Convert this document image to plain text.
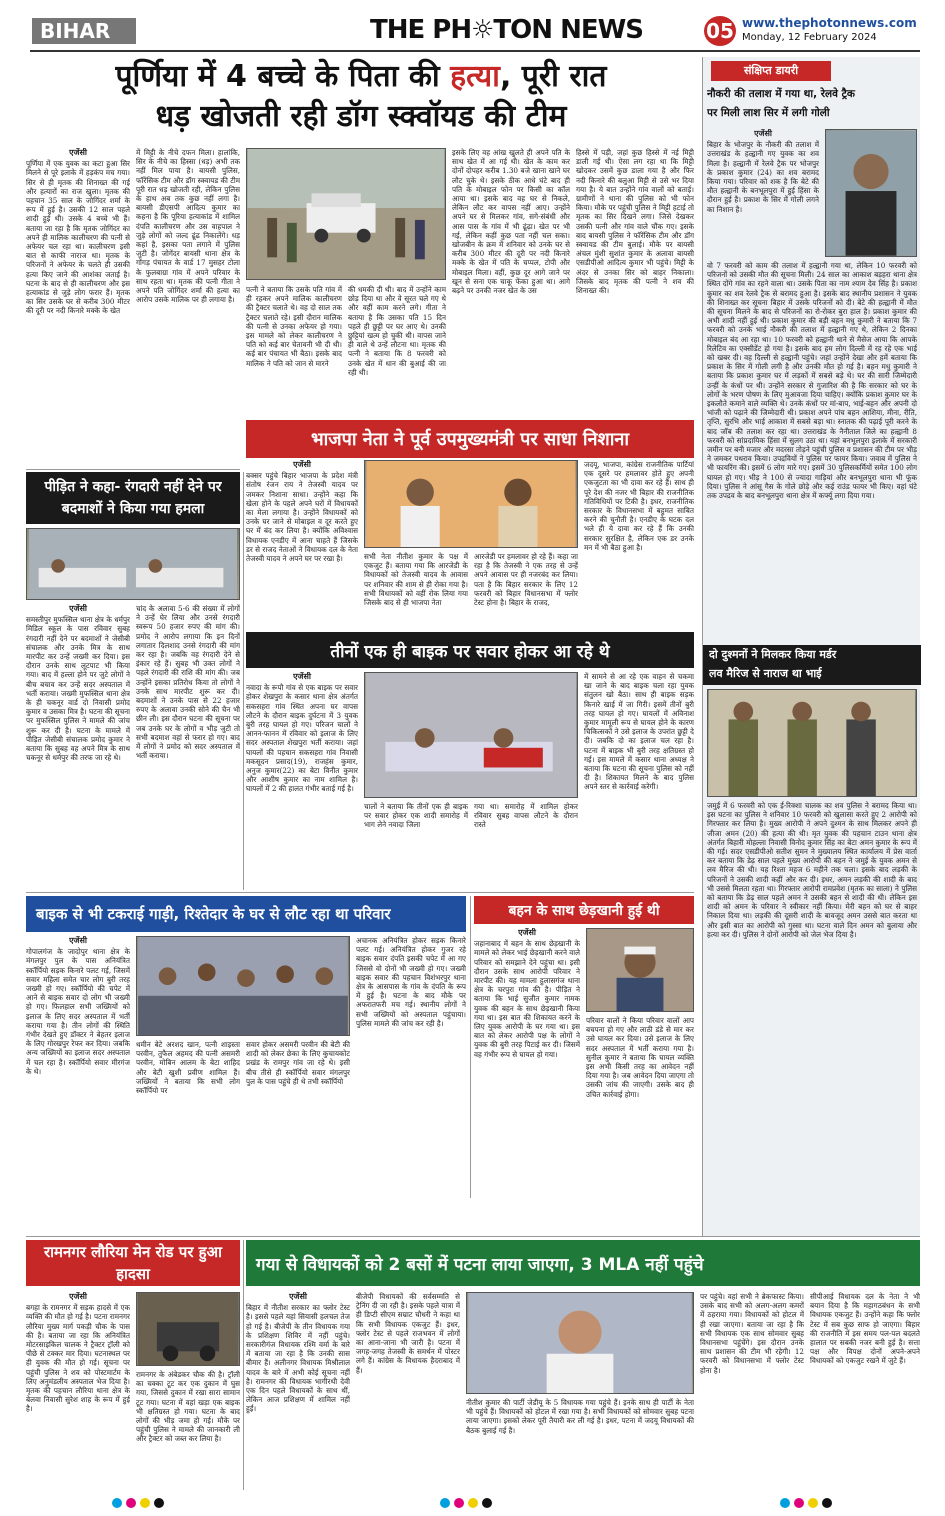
BIHAR	THE PH☼TON NEWS	05 www.thephotonnews.com
Monday, 12 February 2024
पूर्णिया में 4 बच्चे के पिता की हत्या, पूरी रात
धड़ खोजती रही डॉग स्क्वॉयड की टीम
एजेंसी

पूर्णिया में एक युवक का कटा हुआ सिर मिलने से पूरे इलाके में हड़कंप मच गया। सिर से ही मृतक की शिनाख्त की गई और हत्यारों का राज खुला। मृतक की पहचान 35 साल के जोगिंदर शर्मा के रूप में हुई है। उसकी 12 साल पहले शादी हुई थी। उसके 4 बच्चे भी हैं। बताया जा रहा है कि मृतक जोगिंदर का अपने ही मालिक कालीचरण की पत्नी से अफेयर चल रहा था। कालीचरण इसी बात से काफी नाराज था। मृतक के परिजनों ने अफेयर के चलते ही उसकी हत्या किए जाने की आशंका जताई है। घटना के बाद से ही कालीचरण और इस हत्याकांड से जुड़े लोग फरार हैं। मृतक का सिर उसके घर से करीब 300 मीटर की दूरी पर नदी किनारे मक्के के खेत

में मिट्टी के नीचे दफन मिला। हालांकि, सिर के नीचे का हिस्सा (धड़) अभी तक नहीं मिल पाया है। बायसी पुलिस, फॉरेंसिक टीम और डॉग स्क्वायड की टीम पूरी रात धड़ खोजती रही, लेकिन पुलिस के हाथ अब तक कुछ नहीं लगा है। बायसी डीएसपी आदित्य कुमार का कहना है कि पूरिया हत्याकांड में शामिल दंपति कालीचरण और उस वाहपाल ने जुड़े लोगों को जल्द ढूंढ निकालेंगे। धड़ कहां है, इसका पता लगाने में पुलिस जुटी है। जोगेंदर बायसी थाना क्षेत्र के गोंगड़ पंचायत के वार्ड 17 मुसहर टोला के फुलबाग्रा गांव में अपने परिवार के साथ रहता था। मृतक की पत्नी गीता ने अपने पति जोगिंदर शर्मा की हत्या का आरोप उसके मालिक पर ही लगाया है।

पत्नी ने बताया कि उसके पति गांव में ही रहकर अपने मालिक कालीचरण की ट्रैक्टर चलाते थे। वह दो साल तक ट्रैक्टर चलाते रहे। इसी दौरान मालिक की पत्नी से उनका अफेयर हो गया। इस मामले को लेकर कालीचरण ने पति को कई बार चेतावनी भी दी थी। कई बार पंचायत भी बैठा। इसके बाद मालिक ने पति को जान से मारने

की धमकी दी थी। बाद में उन्होंने काम छोड़ दिया था और वे सूरत चले गए थे और वहीं काम करने लगे। गीता ने बताया है कि उसका पति 15 दिन पहले ही छुट्टी पर घर आए थे। उनकी छुट्टियां खत्म हो चुकी थी। वापस जाने ही वाले थे उन्हें लौटना था। मृतक की पत्नी ने बताया कि 8 फरवरी को उनके खेत में धान की बुआई की जा रही थी।

इसके लिए वह आंख खुलते ही अपने पति के साथ खेत में आ गई थी। खेत के काम कर दोनों दोपहर करीब 1.30 बजे खाना खाने घर लौट चुके थे। इसके ठीक आधे घंटे बाद ही पति के मोबाइल फोन पर किसी का कॉल आया था। इसके बाद वह घर से निकले, लेकिन लौट कर वापस नहीं आए। उन्होंने अपने घर से मिलकर गांव, सगे-संबंधी और आस पास के गांव में भी ढूंढ़ा। खेत पर भी गई, लेकिन कहीं कुछ पता नहीं चल सका। खोजबीन के क्रम में शनिवार को उनके घर से करीब 300 मीटर की दूरी पर नदी किनारे मक्के के खेत में पति के चप्पल, टोपी और मोबाइल मिला। वहीं, कुछ दूर आगे जाने पर खून से सना एक चाकू फेंका हुआ था। आगे बढ़ने पर उनकी नजर खेत के उस

हिस्से में पड़ी, जहां कुछ हिस्से में नई मिट्टी डाली गई थी। ऐसा लग रहा था कि मिट्टी खोदकर उसमें कुछ डाला गया है और फिर नदी किनारे की बलुआ मिट्टी से उसे भर दिया गया है। ये बात उन्होंने गांव वालों को बताई। ग्रामीणों ने थाना की पुलिस को भी फोन किया। मौके पर पहुंची पुलिस ने मिट्टी हटाई तो मृतक का सिर दिखने लगा। जिसे देखकर उसकी पत्नी और गांव वाले चौंक गए। इसके बाद बायसी पुलिस ने फॉरेंसिक टीम और डॉग स्क्वायड की टीम बुलाई। मौके पर बायसी अंचल मुंशी सुशांत कुमार के अलावा बायसी एसडीपीओ आदित्य कुमार भी पहुंचे। मिट्टी के अंदर से उनका सिर को बाहर निकाला। जिसके बाद मृतक की पत्नी ने शव की शिनाख्त की।

संक्षिप्त डायरी
नौकरी की तलाश में गया था, रेलवे ट्रैक
पर मिली लाश सिर में लगी गोली
एजेंसी

बिहार के भोजपुर के नौकरी की तलाश में उत्तराखंड के हल्द्वानी गए युवक का शव मिला है। हल्द्वानी में रेलवे ट्रैक पर भोजपुर के प्रकाश कुमार (24) का शव बरामद किया गया। परिवार को शक है कि बेटे की मौत हल्द्वानी के बनभूलपुरा में हुई हिंसा के दौरान हुई है। प्रकाश के सिर में गोली लगने का निशान है।

वो 7 फरवरी को काम की तलाश में हल्द्वानी गया था, लेकिन 10 फरवरी को परिजनों को उसकी मौत की सूचना मिली। 24 साल का आकाश बड़हरा थाना क्षेत्र स्थित दोंगे गांव का रहने वाला था। उसके पिता का नाम श्याम देव सिंह है। प्रकाश कुमार का शव रेलवे ट्रैक से बरामद हुआ है। इसके बाद स्थानीय प्रशासन ने युवक की शिनाख्त कर सूचना बिहार में उसके परिजनों को दी। बेटे की हल्द्वानी में मौत की सूचना मिलने के बाद से परिजनों का रो-रोकर बुरा हाल है। प्रकाश कुमार की अभी शादी नहीं हुई थी। प्रकाश कुमार की बड़ी बहन मधु कुमारी ने बताया कि 7 फरवरी को उनके भाई नौकरी की तलाश में हल्द्वानी गए थे, लेकिन 2 दिनका मोबाइल बंद आ रहा था। 10 फरवरी को हल्द्वानी थाने से मैसेज आया कि आपके रिलेटिव का एक्सीडेंट हो गया है। इसके बाद हम लोग दिल्ली में रह रहे एक भाई को खबर दी। वह दिल्ली से हल्द्वानी पहुंचे। जहां उन्होंने देखा और हमें बताया कि प्रकाश के सिर में गोली लगी है और उनकी मौत हो गई है। बहन मधु कुमारी ने बताया कि प्रकाश कुमार घर में लड़कों में सबसे बड़े थे। घर की सारी जिम्मेदारी उन्हीं के कंधों पर थी। उन्होंने सरकार से गुजारिश की है कि सरकार को घर के लोगों के भरण पोषण के लिए मुआवजा दिया चाहिए। क्योंकि प्रकाश कुमार घर के इकलौते कमाने वाले व्यक्ति थे। उनके कंधों पर मां-बाप, भाई-बहन और अपनी दो भांजी को पढ़ाने की जिम्मेदारी थी। प्रकाश अपने पांच बहन आशिया, मीना, रीति, तृप्ति, सुरभि और भाई आकाश में सबसे बड़ा था। स्नातक की पढ़ाई पूरी करने के बाद जॉब की तलाश कर रहा था। उत्तराखंड के नैनीताल जिले का हल्द्वानी 8 फरवरी को सांप्रदायिक हिंसा में सुलग उठा था। यहां बनभूलपुरा इलाके में सरकारी जमीन पर बनी मजार और मदरसा तोड़ने पहुंची पुलिस व प्रशासन की टीम पर भीड़ ने जमकर पथराव किया। उपद्रवियों ने पुलिस पर फायर किया। जवाब में पुलिस ने भी फायरिंग की। इसमें 6 लोग मारे गए। इसमें 30 पुलिसकर्मियों समेत 100 लोग घायल हो गए। भीड़ ने 100 से ज्यादा गाड़ियां और बनभूलपुरा थाना भी फूंक दिया। पुलिस ने आंसू गैस के गोले छोड़े और कई राउंड फायर भी किए। वहां घंटे तक उपद्रव के बाद बनभूलपुरा थाना क्षेत्र में कर्फ्यू लगा दिया गया।

दो दुश्मनों ने मिलकर किया मर्डर
लव मैरिज से नाराज था भाई

जमुई में 6 फरवरी को एक ई-रिक्शा चालक का शव पुलिस ने बरामद किया था। इस घटना का पुलिस ने शनिवार 10 फरवरी को खुलासा करते हुए 2 आरोपी को गिरफ्तार कर लिया है। मुख्य आरोपी ने अपने दुश्मन के साथ मिलकर अपने ही जीजा अमन (20) की हत्या की थी। मृत युवक की पहचान टाउन थाना क्षेत्र अंतर्गत बिहारी मोहल्ला निवासी विनोद कुमार सिंह का बेटा अमन कुमार के रूप में की गई। सदर एसडीपीओ सतीश सुमन ने मुख्यालय स्थित कार्यालय में प्रेस वार्ता कर बताया कि डेढ़ साल पहले मुख्य आरोपी की बहन ने जमुई के युवक अमन से लव मैरिज की थी। यह रिश्ता महज 6 महीने तक चला। इसके बाद लड़की के परिजनों ने उसकी शादी कहीं और कर दी। इधर, अमन लड़की की शादी के बाद भी उससे मिलता रहता था। गिरफ्तार आरोपी रामप्रवेश (मृतक का साला) ने पुलिस को बताया कि डेढ़ साल पहले अमन ने उसकी बहन से शादी की थी। लेकिन इस शादी को अमन के परिवार ने स्वीकार नहीं किया। मेरी बहन को घर से बाहर निकाल दिया था। लड़की की दूसरी शादी के बावजूद अमन उससे बात करता था और इसी बात का आरोपी को गुस्सा था। घटना वाले दिन अमन को बुलाया और हत्या कर दी। पुलिस ने दोनों आरोपी को जेल भेज दिया है।

पीड़ित ने कहा- रंगदारी नहीं देने पर बदमाशों ने किया गया हमला
एजेंसी

समस्तीपुर मुफस्सिल थाना क्षेत्र के धर्मपुर मिडिल स्कूल के पास रविवार सुबह रंगदारी नहीं देने पर बदमाशों ने जेसीबी संचालक और उनके मित्र के साथ मारपीट कर उन्हें जख्मी कर दिया। इस दौरान उनके साथ लूटपाट भी किया गया। बाद में हल्ला होने पर जुटे लोगों ने बीच बचाव कर उन्हें सदर अस्पताल में भर्ती कराया। जख्मी मुफस्सिल थाना क्षेत्र के ही चकनूर वार्ड दो निवासी प्रमोद कुमार व उसका मित्र है। घटना की सूचना पर मुफस्सिल पुलिस ने मामले की जांच शुरू कर दी है। घटना के मामले में पीड़ित जेसीबी संचालक प्रमोद कुमार ने बताया कि सुबह वह अपने मित्र के साथ चकनूर से धर्मपुर की तरफ जा रहे थे।

चांद के अलावा 5-6 की संख्या में लोगों ने उन्हें घेर लिया और उनसे रंगदारी स्वरूप 50 हजार रुपए की मांग की। प्रमोद ने आरोप लगाया कि इन दिनों लगातार दिलशाद उनसे रंगदारी की मांग कर रहा है। जबकि वह रंगदारी देने से इंकार रहे हैं। सुबह भी उक्त लोगों ने पहले रंगदारी की राशि की मांग की। जब उन्होंने इसका प्रतिरोध किया तो लोगों ने उनके साथ मारपीट शुरू कर दी। बदमाशों ने उनके पास से 22 हजार रुपए के अलावा उनकी सोने की चैन भी छीन ली। इस दौरान घटना की सूचना पर जब उनके घर के लोगों व भीड़ जुटी तो सभी बदमाश वहां से फरार हो गए। बाद में लोगों ने प्रमोद को सदर अस्पताल में भर्ती कराया।

भाजपा नेता ने पूर्व उपमुख्यमंत्री पर साधा निशाना
एजेंसी

बक्सर पहुंचे बिहार भाजपा के प्रदेश मंत्री संतोष रंजन राय ने तेजस्वी यादव पर जमकर निशाना साधा। उन्होंने कहा कि खेला होने के पहले अपने घरों में विधायकों का मेला लगाया है। उन्होंने विधायकों को उनके घर जाने से मोबाइल व दूर करते हुए घर में बंद कर लिया है। क्योंकि अविश्वास विधायक एनडीए में आना चाहते हैं जिसके डर से राजद नेताओं ने विधायक दल के नेता तेजस्वी यादव ने अपने घर पर रखा है।	सभी नेता नीतीश कुमार के पक्ष में एकजुट हैं। बताया गया कि आरजेडी के विधायकों को तेजस्वी यादव के आवास पर शनिवार की शाम से ही रोका गया है। सभी विधायकों को वहीं रोक लिया गया जिसके बाद से ही भाजपा नेता

आरजेडी पर हमलावर हो रहे हैं। कहा जा रहा है कि तेजस्वी ने एक तरह से उन्हें अपने आवास पर ही नजरबंद कर लिया। पता है कि बिहार सरकार के लिए 12 फरवरी को बिहार विधानसभा में फ्लोर टेस्ट होना है। बिहार के राजद,

जदयू, भाजपा, कांग्रेस राजनीतिक पार्टियां एक दूसरे पर हमलावर होते हुए अपनी एकजुटता का भी दावा कर रहे हैं। साथ ही पूरे देश की नजर भी बिहार की राजनीतिक गतिविधियों पर टिकी है। इधर, राजनीतिक सरकार के विधानसभा में बहुमत साबित करने की चुनौती है। एनडीए के घटक दल भले ही ये दावा कर रहे हैं कि उनकी सरकार सुरक्षित है, लेकिन एक डर उनके मन में भी बैठा हुआ है।

तीनों एक ही बाइक पर सवार होकर आ रहे थे
एजेंसी

नवादा के रूपौ गांव से एक बाइक पर सवार होकर शेखपुरा के कसार थाना क्षेत्र अंतर्गत सकसहरा गांव स्थित अपना घर वापस लौटने के दौरान बाइक दुर्घटना में 3 युवक बुरी तरह घायल हो गए। परिजन चालों ने आनन-फानन में रविवार को इलाज के लिए सदर अस्पताल शेखपुरा भर्ती कराया। जहां घायलों की पहचान सकसहरा गांव निवासी मकसूदन प्रसाद(19), राजहंस कुमार, अनुज कुमार(22) का बेटा विनीत कुमार और आशीष कुमार का नाम शामिल है। घायलों में 2 की हालत गंभीर बताई गई है।

चालों ने बताया कि तीनों एक ही बाइक पर सवार होकर एक शादी समारोह में भाग लेने नवादा जिला

गया था। समारोह में शामिल होकर रविवार सुबह वापस लौटने के दौरान रास्ते

में सामने से आ रहे एक वाहन से चकमा खा जाने के बाद बाइक चला रहा युवक संतुलन खो बैठा। साथ ही बाइक सड़क किनारे खाई में जा गिरी। इसमें तीनों बुरी तरह घायल हो गए। घायलों में अविनाश कुमार मामूली रूप से घायल होने के कारण चिकित्सकों ने उसे इलाज के उपरांत छुट्टी दे दी। जबकि दो का इलाज चल रहा है। घटना में बाइक भी बुरी तरह क्षतिग्रस्त हो गई। इस मामले में कसार थाना अध्यक्ष ने बताया कि घटना की सूचना पुलिस को नहीं दी है। शिकायत मिलने के बाद पुलिस अपने स्तर से कार्रवाई करेगी।

बाइक से भी टकराई गाड़ी, रिश्तेदार के घर से लौट रहा था परिवार
एजेंसी

गोपालगंज के जादोपुर थाना क्षेत्र के मंगलपुर पुल के पास अनियंत्रित स्कॉर्पियो सड़क किनारे पलट गई, जिसमें सवार महिला समेत चार लोग बुरी तरह जख्मी हो गए। स्कॉर्पियो की चपेट में आने से बाइक सवार दो लोग भी जख्मी हो गए। फिलहाल सभी जख्मियों को इलाज के लिए सदर अस्पताल में भर्ती कराया गया है। तीन लोगों की स्थिति गंभीर देखते हुए डॉक्टर ने बेहतर इलाज के लिए गोरखपुर रेफर कर दिया। जबकि अन्य जख्मियों का इलाज सदर अस्पताल में चल रहा है। स्कॉर्पियो सवार मीरगंज के थे।

थमीन बेटे अरशद खान, पत्नी शाइस्ता परवीन, तुफैल अहमद की पत्नी असमरी परवीन, मोबिन आलम के बेटा शाहिद और बेटी खुशी प्रवीण शामिल हैं। जख्मियों ने बताया कि सभी लोग स्कॉर्पियो पर

सवार होकर असमरी परवीन की बेटी की शादी को लेकर छेका के लिए कुचायकोट प्रखंड के रामपुर गांव जा रहे थे। इसी बीच तीसे ही स्कॉर्पियो सवार मंगलपुर पुल के पास पहुंचे ही थे तभी स्कॉर्पियो

अचानक अनियंत्रित होकर सड़क किनारे पलट गई। अनियंत्रित होकर गुजर रहे बाइक सवार दंपति इसकी चपेट में आ गए जिससे वो दोनों भी जख्मी हो गए। जख्मी बाइक सवार की पहचान विशंभरपुर थाना क्षेत्र के आसपास के गांव के दंपति के रूप में हुई है। घटना के बाद मौके पर अफरातफरी मच गई। स्थानीय लोगों ने सभी जख्मियों को अस्पताल पहुंचाया। पुलिस मामले की जांच कर रही है।

बहन के साथ छेड़खानी हुई थी
एजेंसी

जहानाबाद में बहन के साथ छेड़खानी के मामले को लेकर भाई छेड़खानी करने वाले परिवार को समझाने देने पहुंचा था। इसी दौरान उसके साथ आरोपी परिवार ने मारपीट की। यह मामला हुलासगंज थाना क्षेत्र के चरपुरा गांव की है। पीड़ित ने बताया कि भाई सुजीत कुमार नामक युवक की बहन के साथ छेड़खानी किया गया था। इस बात की शिकायत करने के लिए युवक आरोपी के घर गया था। इस बात को लेकर आरोपी पक्ष के लोगों ने युवक की बुरी तरह पिटाई कर दी। जिसमें वह गंभीर रूप से घायल हो गया।

परिवार वालों ने किया परिवार वालों आप बचपना हो गए और लाठी डंडे से मार कर उसे घायल कर दिया। उसे इलाज के लिए सदर अस्पताल में भर्ती कराया गया है। सुनील कुमार ने बताया कि घायल व्यक्ति इस अभी किसी तरह का आवेदन नहीं दिया गया है। जब आवेदन दिया जाएगा तो उसकी जांच की जाएगी। उसके बाद ही उचित कार्रवाई होगा।

रामनगर लौरिया मेन रोड पर हुआ हादसा
एजेंसी

बगहा के रामनगर में सड़क हादसे में एक व्यक्ति की मौत हो गई है। पटना रामनगर लौरिया मुख्य मार्ग पकड़ी चौक के पास की है। बताया जा रहा कि अनियंत्रित मोटरसाइकिल चालक ने ट्रैक्टर ट्रॉली को पीछे से टक्कर मार दिया। घटनास्थल पर ही युवक की मौत हो गई। सूचना पर पहुंची पुलिस ने शव को पोस्टमार्टम के लिए अनुमंडलीय अस्पताल भेज दिया है। मृतक की पहचान लौरिया थाना क्षेत्र के बेलवा निवासी सुरेश शाह के रूप में हुई है।

रामनगर के अंबेडकर चौक की है। ट्रॉली का चक्का टूट कर एक दुकान में घुस गया, जिससे दुकान में रखा सारा सामान टूट गया। घटना में वहां खड़ा एक बाइक भी क्षतिग्रस्त हो गया। घटना के बाद लोगों की भीड़ जमा हो गई। मौके पर पहुंची पुलिस ने मामले की जानकारी ली और ट्रैक्टर को जब्त कर लिया है।

गया से विधायकों को 2 बसों में पटना लाया जाएगा, 3 MLA नहीं पहुंचे
एजेंसी

बिहार में नीतीश सरकार का फ्लोर टेस्ट है। इससे पहले यहां सियासी हलचल तेज हो गई है। बीजेपी के तीन विधायक गया के प्रशिक्षण शिविर में नहीं पहुंचे। सरकारीगंज विधायक रश्मि वर्मा के बारे में बताया जा रहा है कि उनकी सास बीमार हैं। अलीनगर विधायक मिश्रीलाल यादव के बारे में अभी कोई सूचना नहीं है। रामनगर की विधायक भागीरथी देवी एक दिन पहले विधायकों के साथ थीं, लेकिन आज प्रशिक्षण में शामिल नहीं हुईं।

बीजेपी विधायकों की सर्वसम्मति से ट्रेनिंग दी जा रही है। इसके पहले यात्रा में ही डिप्टी सीएम सम्राट चौधरी ने कहा था कि सभी विधायक एकजुट हैं। इधर, फ्लोर टेस्ट से पहले राजभवन में लोगों का आना-जाना भी जारी है। पटना में जगह-जगह तेजस्वी के समर्थन में पोस्टर लगे हैं। कांग्रेस के विधायक हैदराबाद में हैं।

नीतीश कुमार की पार्टी जेडीयू के 5 विधायक गया पहुंचे हैं। इनके साथ ही पार्टी के नेता भी पहुंचे हैं। विधायकों को होटल में रखा गया है। सभी विधायकों को सोमवार सुबह पटना लाया जाएगा। इसको लेकर पूरी तैयारी कर ली गई है। इधर, पटना में जदयू विधायकों की बैठक बुलाई गई है।

पर पहुंचे। वहां सभी ने ब्रेकफास्ट किया। उसके बाद सभी को अलग-अलग कमरों में ठहराया गया। विधायकों को होटल में ही रखा जाएगा। बताया जा रहा है कि सभी विधायक एक साथ सोमवार सुबह विधानसभा पहुंचेंगे। इस दौरान उनके साथ प्रशासन की टीम भी रहेगी। 12 फरवरी को विधानसभा में फ्लोर टेस्ट होना है।

सीपीआई विधायक दल के नेता ने भी बयान दिया है कि महागठबंधन के सभी विधायक एकजुट हैं। उन्होंने कहा कि फ्लोर टेस्ट में सब कुछ साफ हो जाएगा। बिहार की राजनीति में इस समय पल-पल बदलते हालात पर सबकी नजर बनी हुई है। सत्ता पक्ष और विपक्ष दोनों अपने-अपने विधायकों को एकजुट रखने में जुटे हैं।
